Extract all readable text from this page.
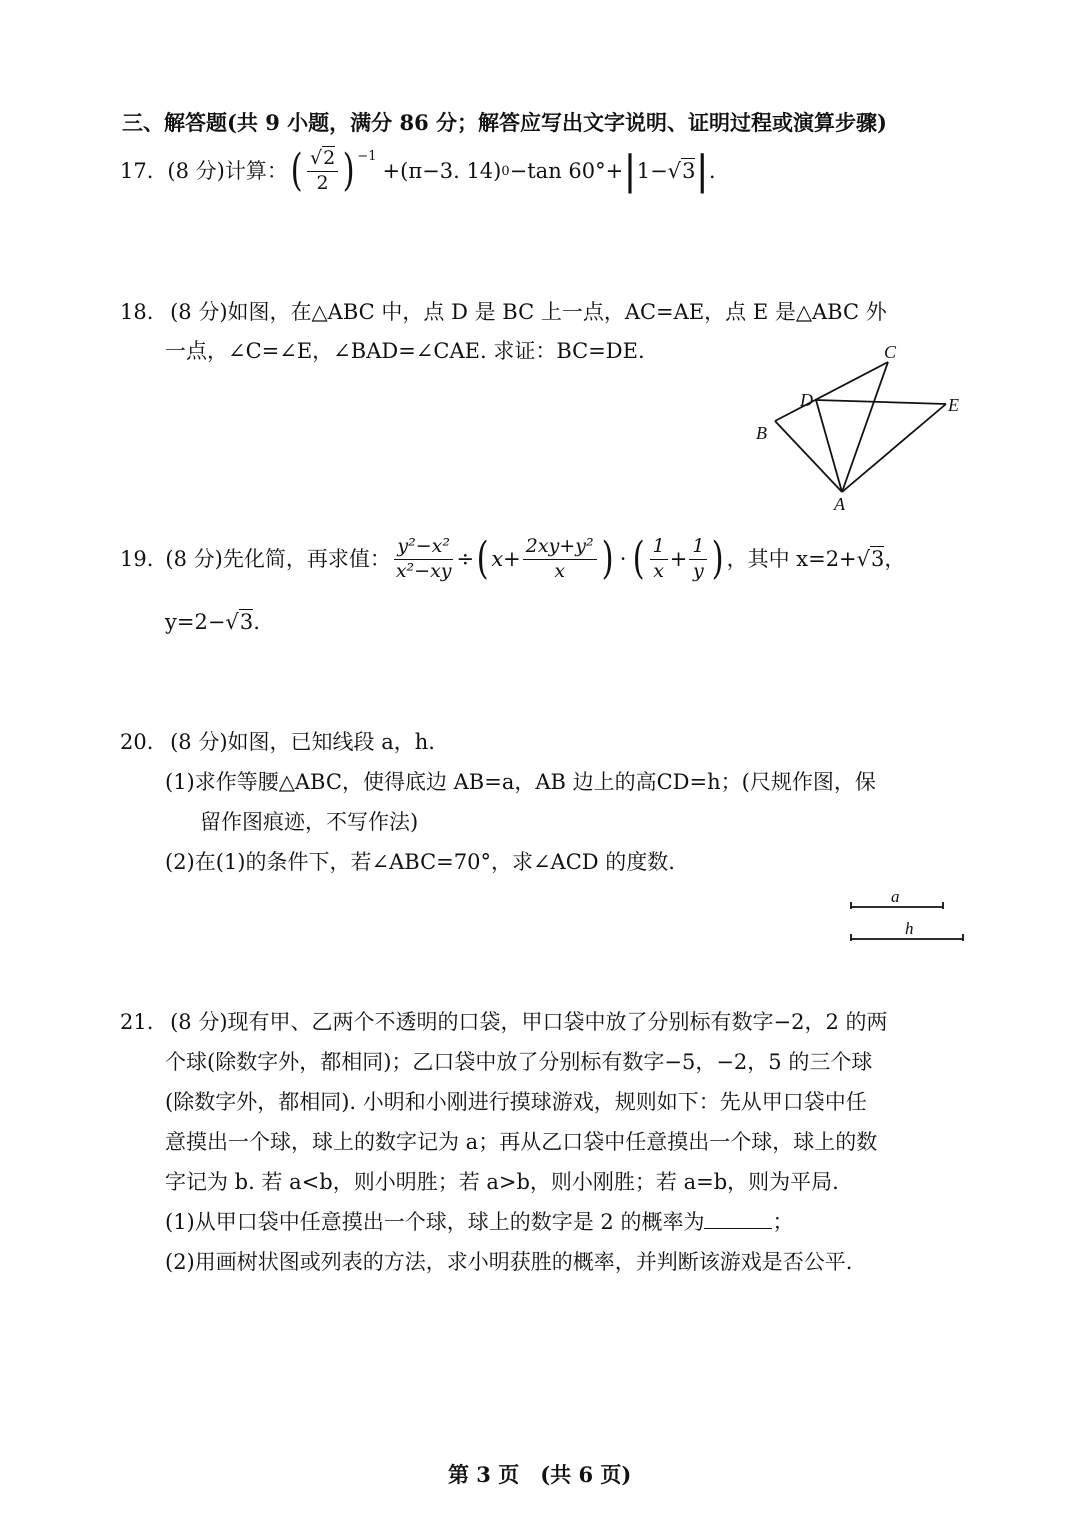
三、解答题(共 9 小题，满分 86 分；解答应写出文字说明、证明过程或演算步骤)
17. (8 分)计算： ( $\frac{√2}{2} )^{-1}$
+(π−3. 14) 0 −tan 60°+ | 1− √3 | .
18. (8 分)如图，在△ABC 中，点 D 是 BC 上一点，AC=AE，点 E 是△ABC 外
一点，∠C=∠E，∠BAD=∠CAE. 求证：BC=DE.	C
D	E
B
A
19. (8 分)先化简，再求值： $\frac{\text{y²−x²}}{\text{x²−xy}}$ ÷ ( $x+ \frac{\text{2xy+y²}}{x}$ ) · ( $\frac{1}{x} + \frac{1}{y}$ ) ，其中 x=2+ √3 ，
y=2−√3.
20. (8 分)如图，已知线段 a，h.
(1)求作等腰△ABC，使得底边 AB=a，AB 边上的高CD=h；(尺规作图，保
留作图痕迹，不写作法)
(2)在(1)的条件下，若∠ABC=70°，求∠ACD 的度数.
a
h
21. (8 分)现有甲、乙两个不透明的口袋，甲口袋中放了分别标有数字−2，2 的两
个球(除数字外，都相同)；乙口袋中放了分别标有数字−5，−2，5 的三个球
(除数字外，都相同). 小明和小刚进行摸球游戏，规则如下：先从甲口袋中任
意摸出一个球，球上的数字记为 a；再从乙口袋中任意摸出一个球，球上的数
字记为 b. 若 a<b，则小明胜；若 a>b，则小刚胜；若 a=b，则为平局.
(1)从甲口袋中任意摸出一个球，球上的数字是 2 的概率为	；
(2)用画树状图或列表的方法，求小明获胜的概率，并判断该游戏是否公平.
第 3 页　(共 6 页)
